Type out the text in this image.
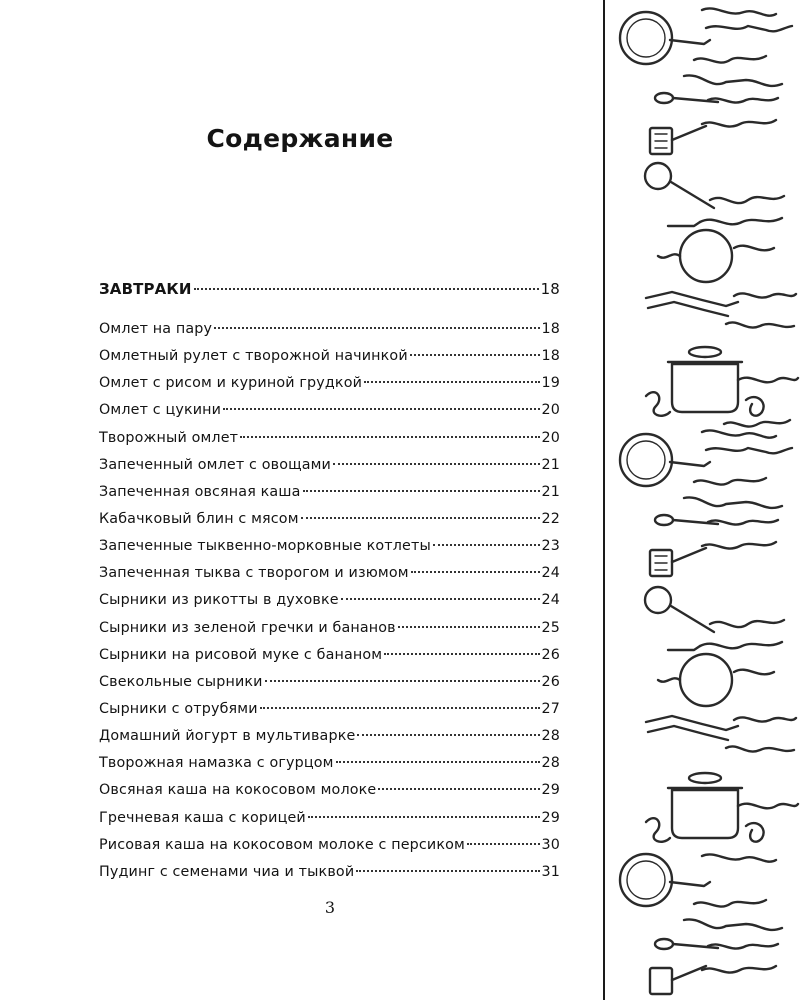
Содержание
ЗАВТРАКИ	18
Омлет на пару	18
Омлетный рулет с творожной начинкой	18
Омлет с рисом и куриной грудкой	19
Омлет с цукини	20
Творожный омлет	20
Запеченный омлет с овощами	21
Запеченная овсяная каша	21
Кабачковый блин с мясом	22
Запеченные тыквенно-морковные котлеты	23
Запеченная тыква с творогом и изюмом	24
Сырники из рикотты в духовке	24
Сырники из зеленой гречки и бананов	25
Сырники на рисовой муке с бананом	26
Свекольные сырники	26
Сырники с отрубями	27
Домашний йогурт в мультиварке	28
Творожная намазка с огурцом	28
Овсяная каша на кокосовом молоке	29
Гречневая каша с корицей	29
Рисовая каша на кокосовом молоке с персиком	30
Пудинг с семенами чиа и тыквой	31
3
